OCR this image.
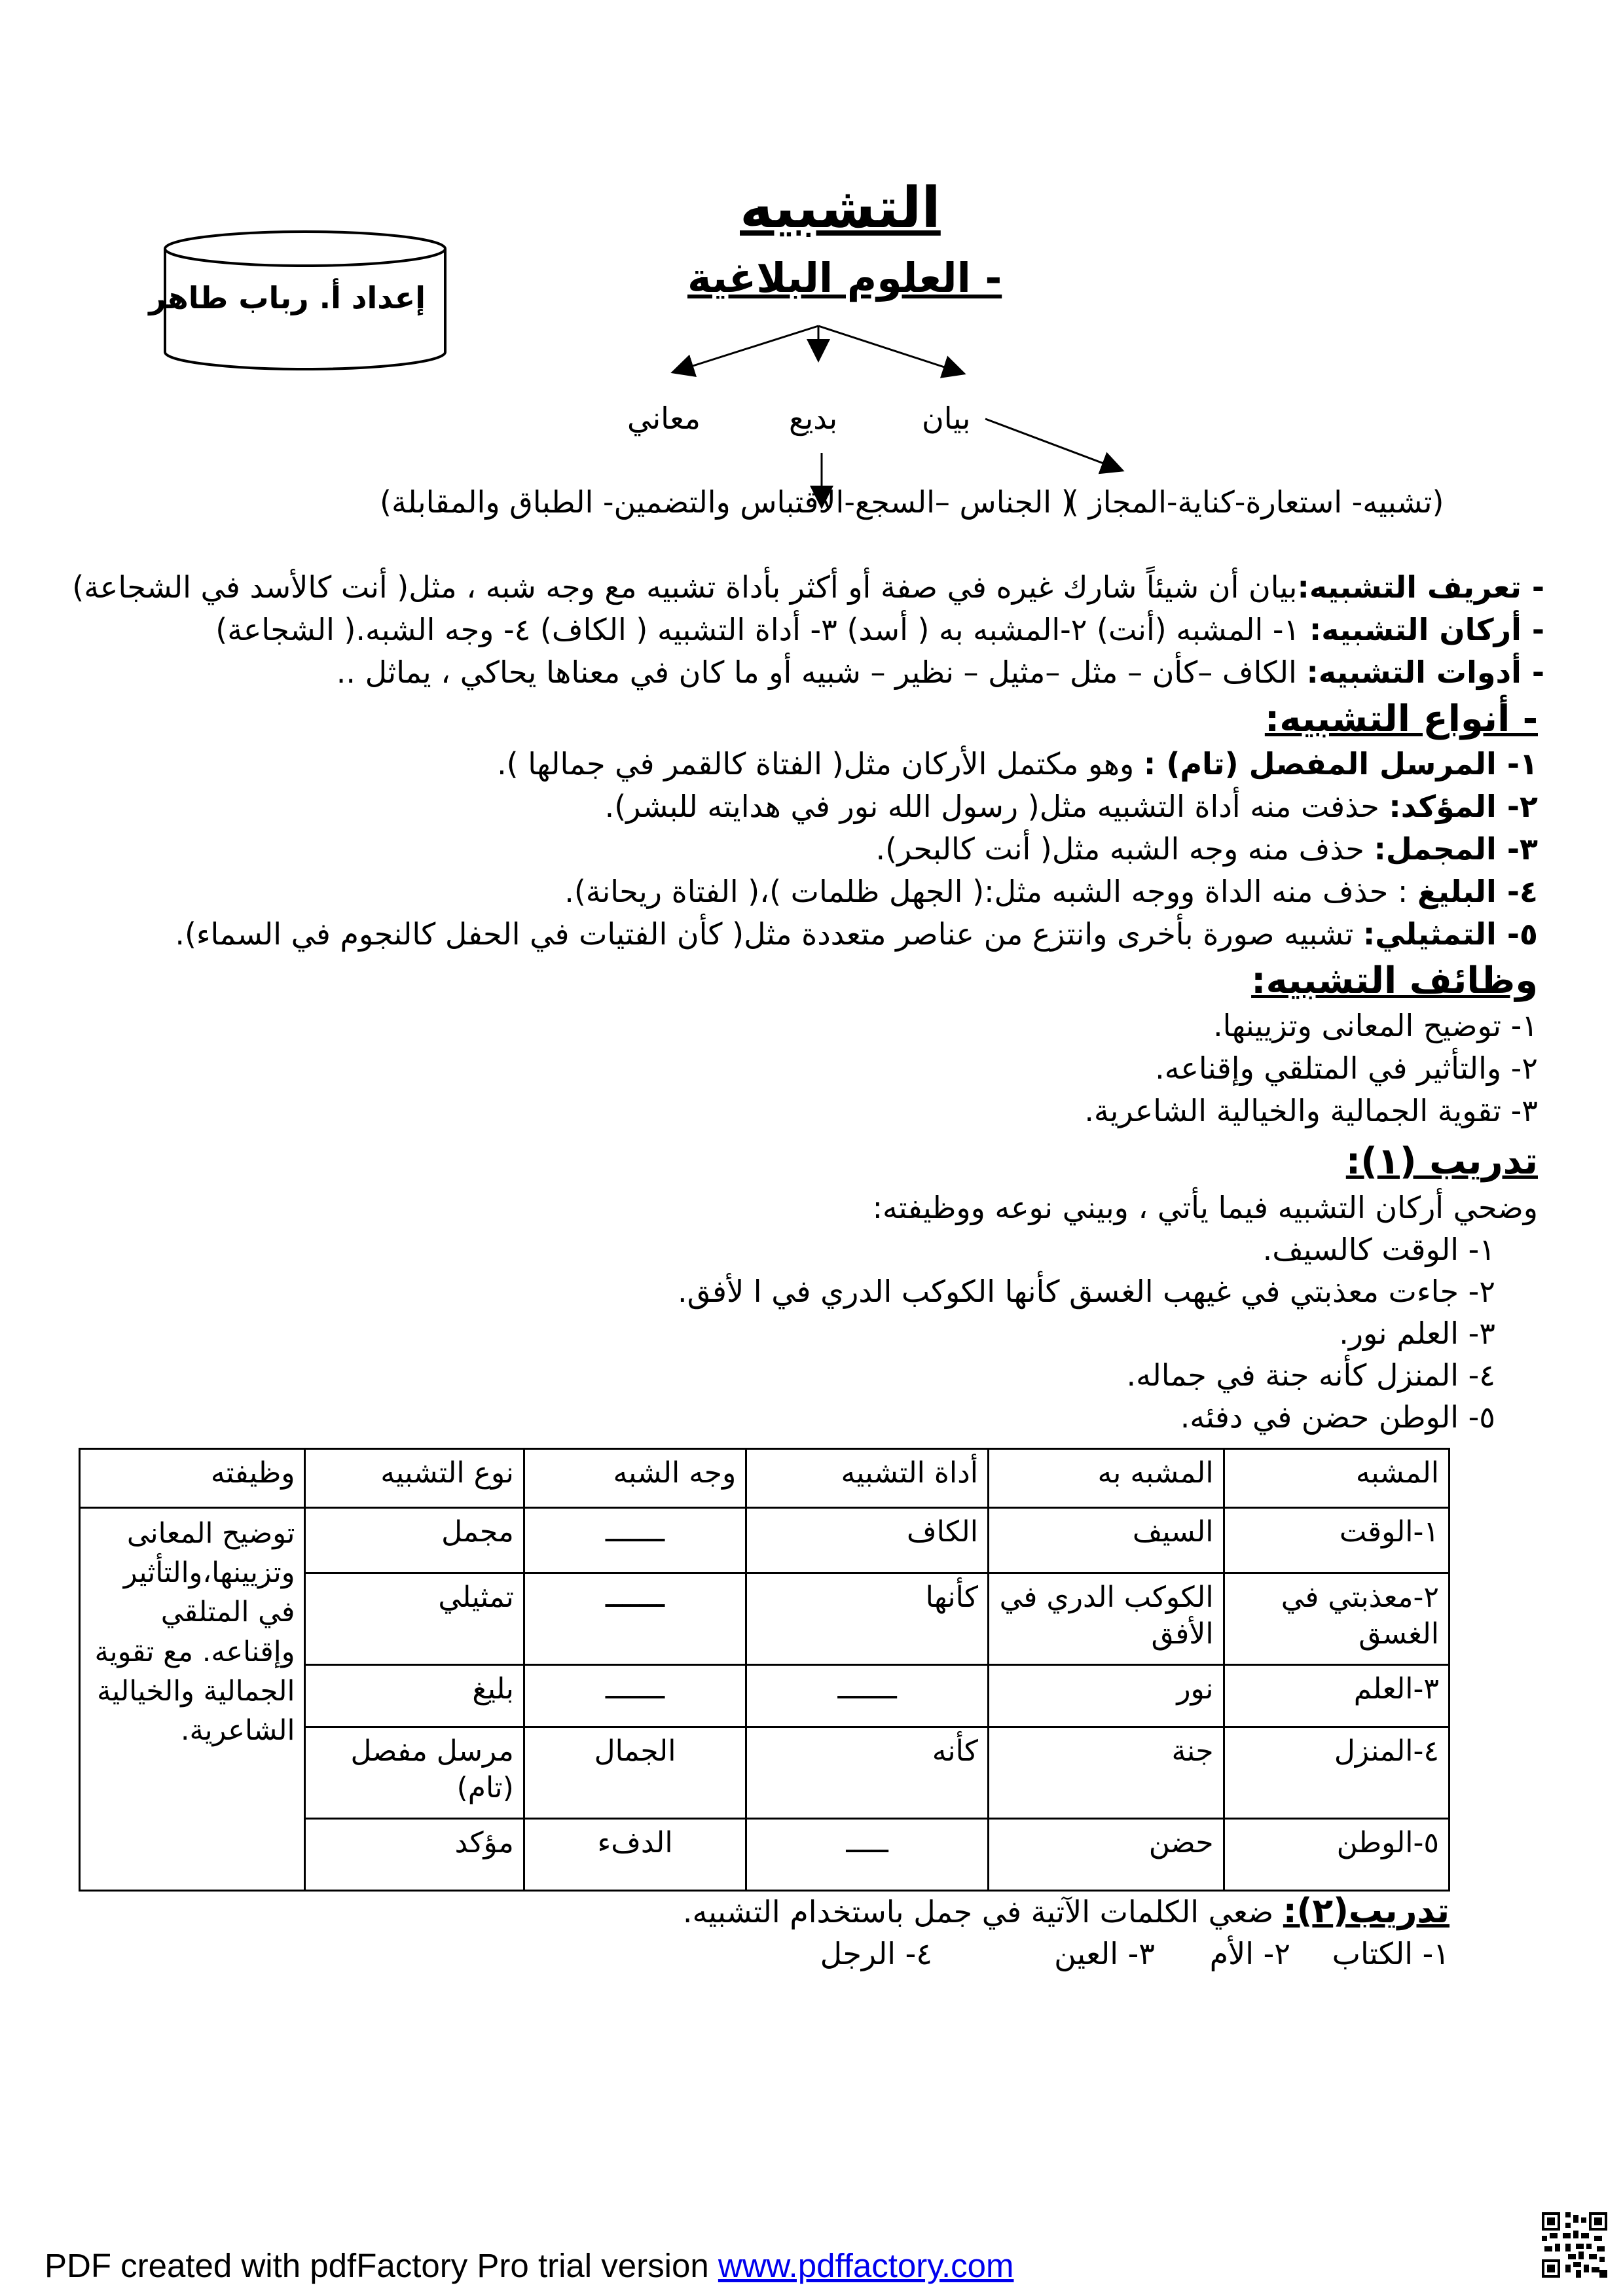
التشبيه
- العلوم البلاغية
إعداد أ. رباب طاهر
بيان
بديع
معاني
(تشبيه- استعارة-كناية-المجاز )
( الجناس –السجع-الاقتباس والتضمين- الطباق والمقابلة)
- تعريف التشبيه:بيان أن شيئاً شارك غيره في صفة أو أكثر بأداة تشبيه مع وجه شبه ، مثل( أنت كالأسد في الشجاعة)
- أركان التشبيه: ١- المشبه (أنت) ٢-المشبه به ( أسد) ٣- أداة التشبيه ( الكاف) ٤- وجه الشبه.( الشجاعة)
- أدوات التشبيه: الكاف –كأن – مثل –مثيل – نظير – شبيه أو ما كان في معناها يحاكي ، يماثل ..
- أنواع التشبيه:
١- المرسل المفصل (تام) : وهو مكتمل الأركان مثل( الفتاة كالقمر في جمالها ).
٢- المؤكد: حذفت منه أداة التشبيه مثل( رسول الله نور في هدايته للبشر).
٣- المجمل: حذف منه وجه الشبه مثل( أنت كالبحر).
٤- البليغ : حذف منه الداة ووجه الشبه مثل:( الجهل ظلمات )،( الفتاة ريحانة).
٥- التمثيلي: تشبيه صورة بأخرى وانتزع من عناصر متعددة مثل( كأن الفتيات في الحفل كالنجوم في السماء).
وظائف التشبيه:
١- توضيح المعانى وتزيينها.
٢- والتأثير في المتلقي وإقناعه.
٣- تقوية الجمالية والخيالية الشاعرية.
تدريب (١):
وضحي أركان التشبيه فيما يأتي ، وبيني نوعه ووظيفته:
١- الوقت كالسيف.
٢- جاءت معذبتي في غيهب الغسق كأنها الكوكب الدري في ا لأفق.
٣- العلم نور.
٤- المنزل كأنه جنة في جماله.
٥- الوطن حضن في دفئه.
المشبه	المشبه به	أداة التشبيه	وجه الشبه	نوع التشبيه	وظيفته
١-الوقت	السيف	الكاف	ـــــــ	مجمل	توضيح المعانى وتزيينها،والتأثير في المتلقي وإقناعه. مع تقوية الجمالية والخيالية الشاعرية.
٢-معذبتي في الغسق	الكوكب الدري في الأفق	كأنها	ـــــــ	تمثيلي	
٣-العلم	نور	ـــــــ	ـــــــ	بليغ	
٤-المنزل	جنة	كأنه	الجمال	مرسل مفصل (تام)	
٥-الوطن	حضن	ـــــ	الدفء	مؤكد	
تدريب(٢): ضعي الكلمات الآتية في جمل باستخدام التشبيه.
١- الكتاب
٢- الأم
٣- العين
٤- الرجل
PDF created with pdfFactory Pro trial version www.pdffactory.com
